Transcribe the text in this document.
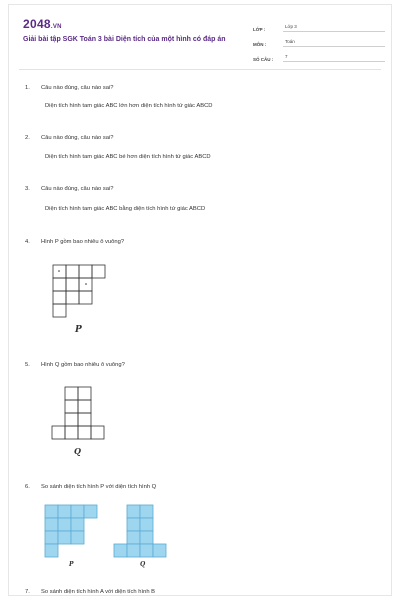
2048.VN
Giải bài tập SGK Toán 3 bài Diện tích của một hình có đáp án
LỚP :
Lớp 3
MÔN :
Toán
SỐ CÂU :
7
1. Câu nào đúng, câu nào sai?
Diện tích hình tam giác ABC lớn hơn diện tích hình tứ giác ABCD
2. Câu nào đúng, câu nào sai?
Diện tích hình tam giác ABC bé hơn diện tích hình tứ giác ABCD
3. Câu nào đúng, câu nào sai?
Diện tích hình tam giác ABC bằng diện tích hình tứ giác ABCD
4. Hình P gồm bao nhiêu ô vuông?
P
5. Hình Q gồm bao nhiêu ô vuông?
Q
6. So sánh diện tích hình P với diện tích hình Q
P	Q
7. So sánh diện tích hình A với diện tích hình B
